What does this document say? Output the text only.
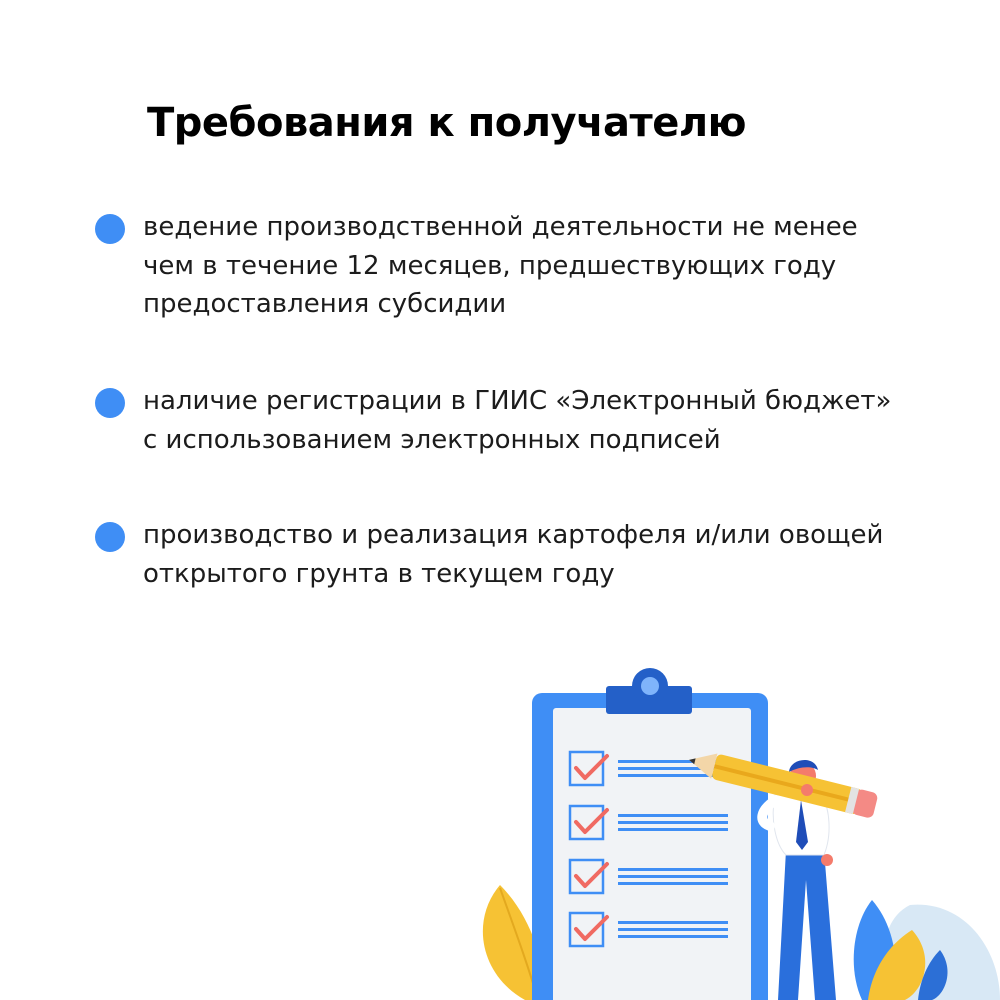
Требования к получателю
ведение производственной деятельности не менее
чем в течение 12 месяцев, предшествующих году
предоставления субсидии
наличие регистрации в ГИИС «Электронный бюджет»
с использованием электронных подписей
производство и реализация картофеля и/или овощей
открытого грунта в текущем году
